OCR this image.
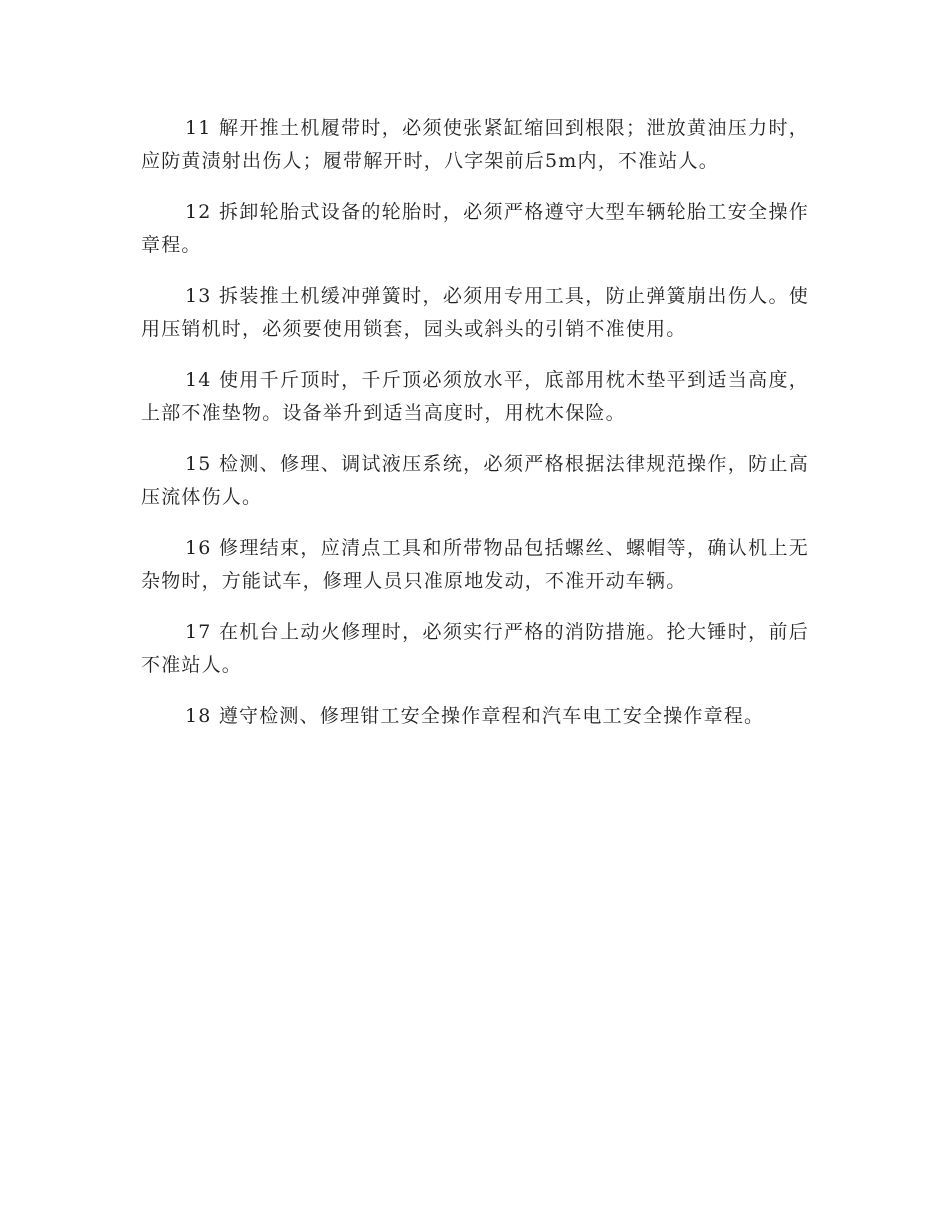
11 解开推土机履带时，必须使张紧缸缩回到根限；泄放黄油压力时，应防黄渍射出伤人；履带解开时，八字架前后5m内，不准站人。

12 拆卸轮胎式设备的轮胎时，必须严格遵守大型车辆轮胎工安全操作章程。

13 拆装推土机缓冲弹簧时，必须用专用工具，防止弹簧崩出伤人。使用压销机时，必须要使用锁套，园头或斜头的引销不准使用。

14 使用千斤顶时，千斤顶必须放水平，底部用枕木垫平到适当高度，上部不准垫物。设备举升到适当高度时，用枕木保险。

15 检测、修理、调试液压系统，必须严格根据法律规范操作，防止高压流体伤人。

16 修理结束，应清点工具和所带物品包括螺丝、螺帽等，确认机上无杂物时，方能试车，修理人员只准原地发动，不准开动车辆。

17 在机台上动火修理时，必须实行严格的消防措施。抡大锤时，前后不准站人。

18 遵守检测、修理钳工安全操作章程和汽车电工安全操作章程。
